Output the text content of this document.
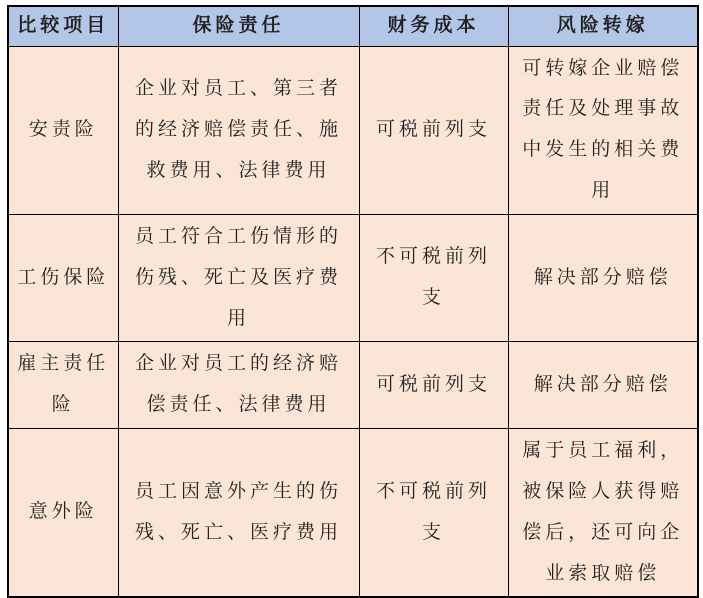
比较项目	保险责任	财务成本	风险转嫁
安责险	企业对员工、第三者的经济赔偿责任、施救费用、法律费用	可税前列支	可转嫁企业赔偿责任及处理事故中发生的相关费用
工伤保险	员工符合工伤情形的伤残、死亡及医疗费用	不可税前列支	解决部分赔偿
雇主责任险	企业对员工的经济赔偿责任、法律费用	可税前列支	解决部分赔偿
意外险	员工因意外产生的伤残、死亡、医疗费用	不可税前列支	属于员工福利，被保险人获得赔偿后，还可向企业索取赔偿
